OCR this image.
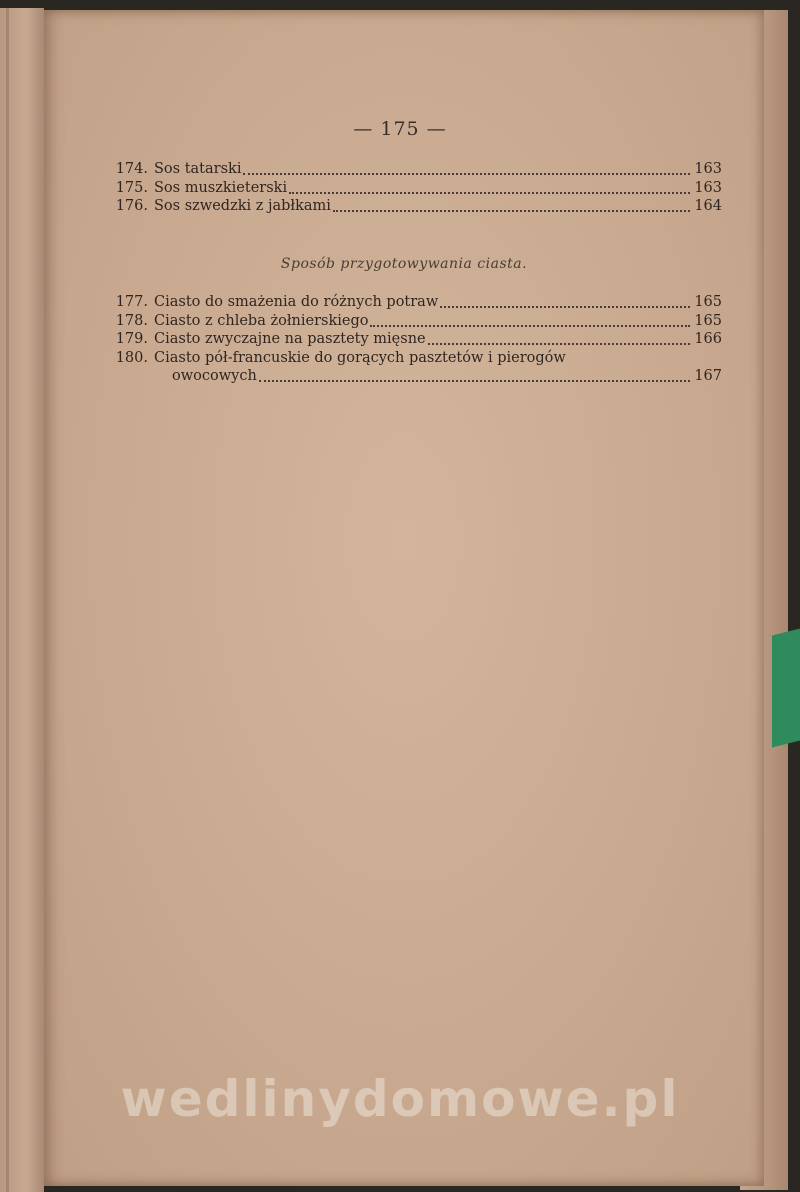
— 175 —
174. Sos tatarski	163
175. Sos muszkieterski	163
176. Sos szwedzki z jabłkami	164
Sposób przygotowywania ciasta.
177. Ciasto do smażenia do różnych potraw	165
178. Ciasto z chleba żołnierskiego	165
179. Ciasto zwyczajne na pasztety mięsne	166
180. Ciasto pół-francuskie do gorących pasztetów i pierogów
owocowych	167
wedlinydomowe.pl
